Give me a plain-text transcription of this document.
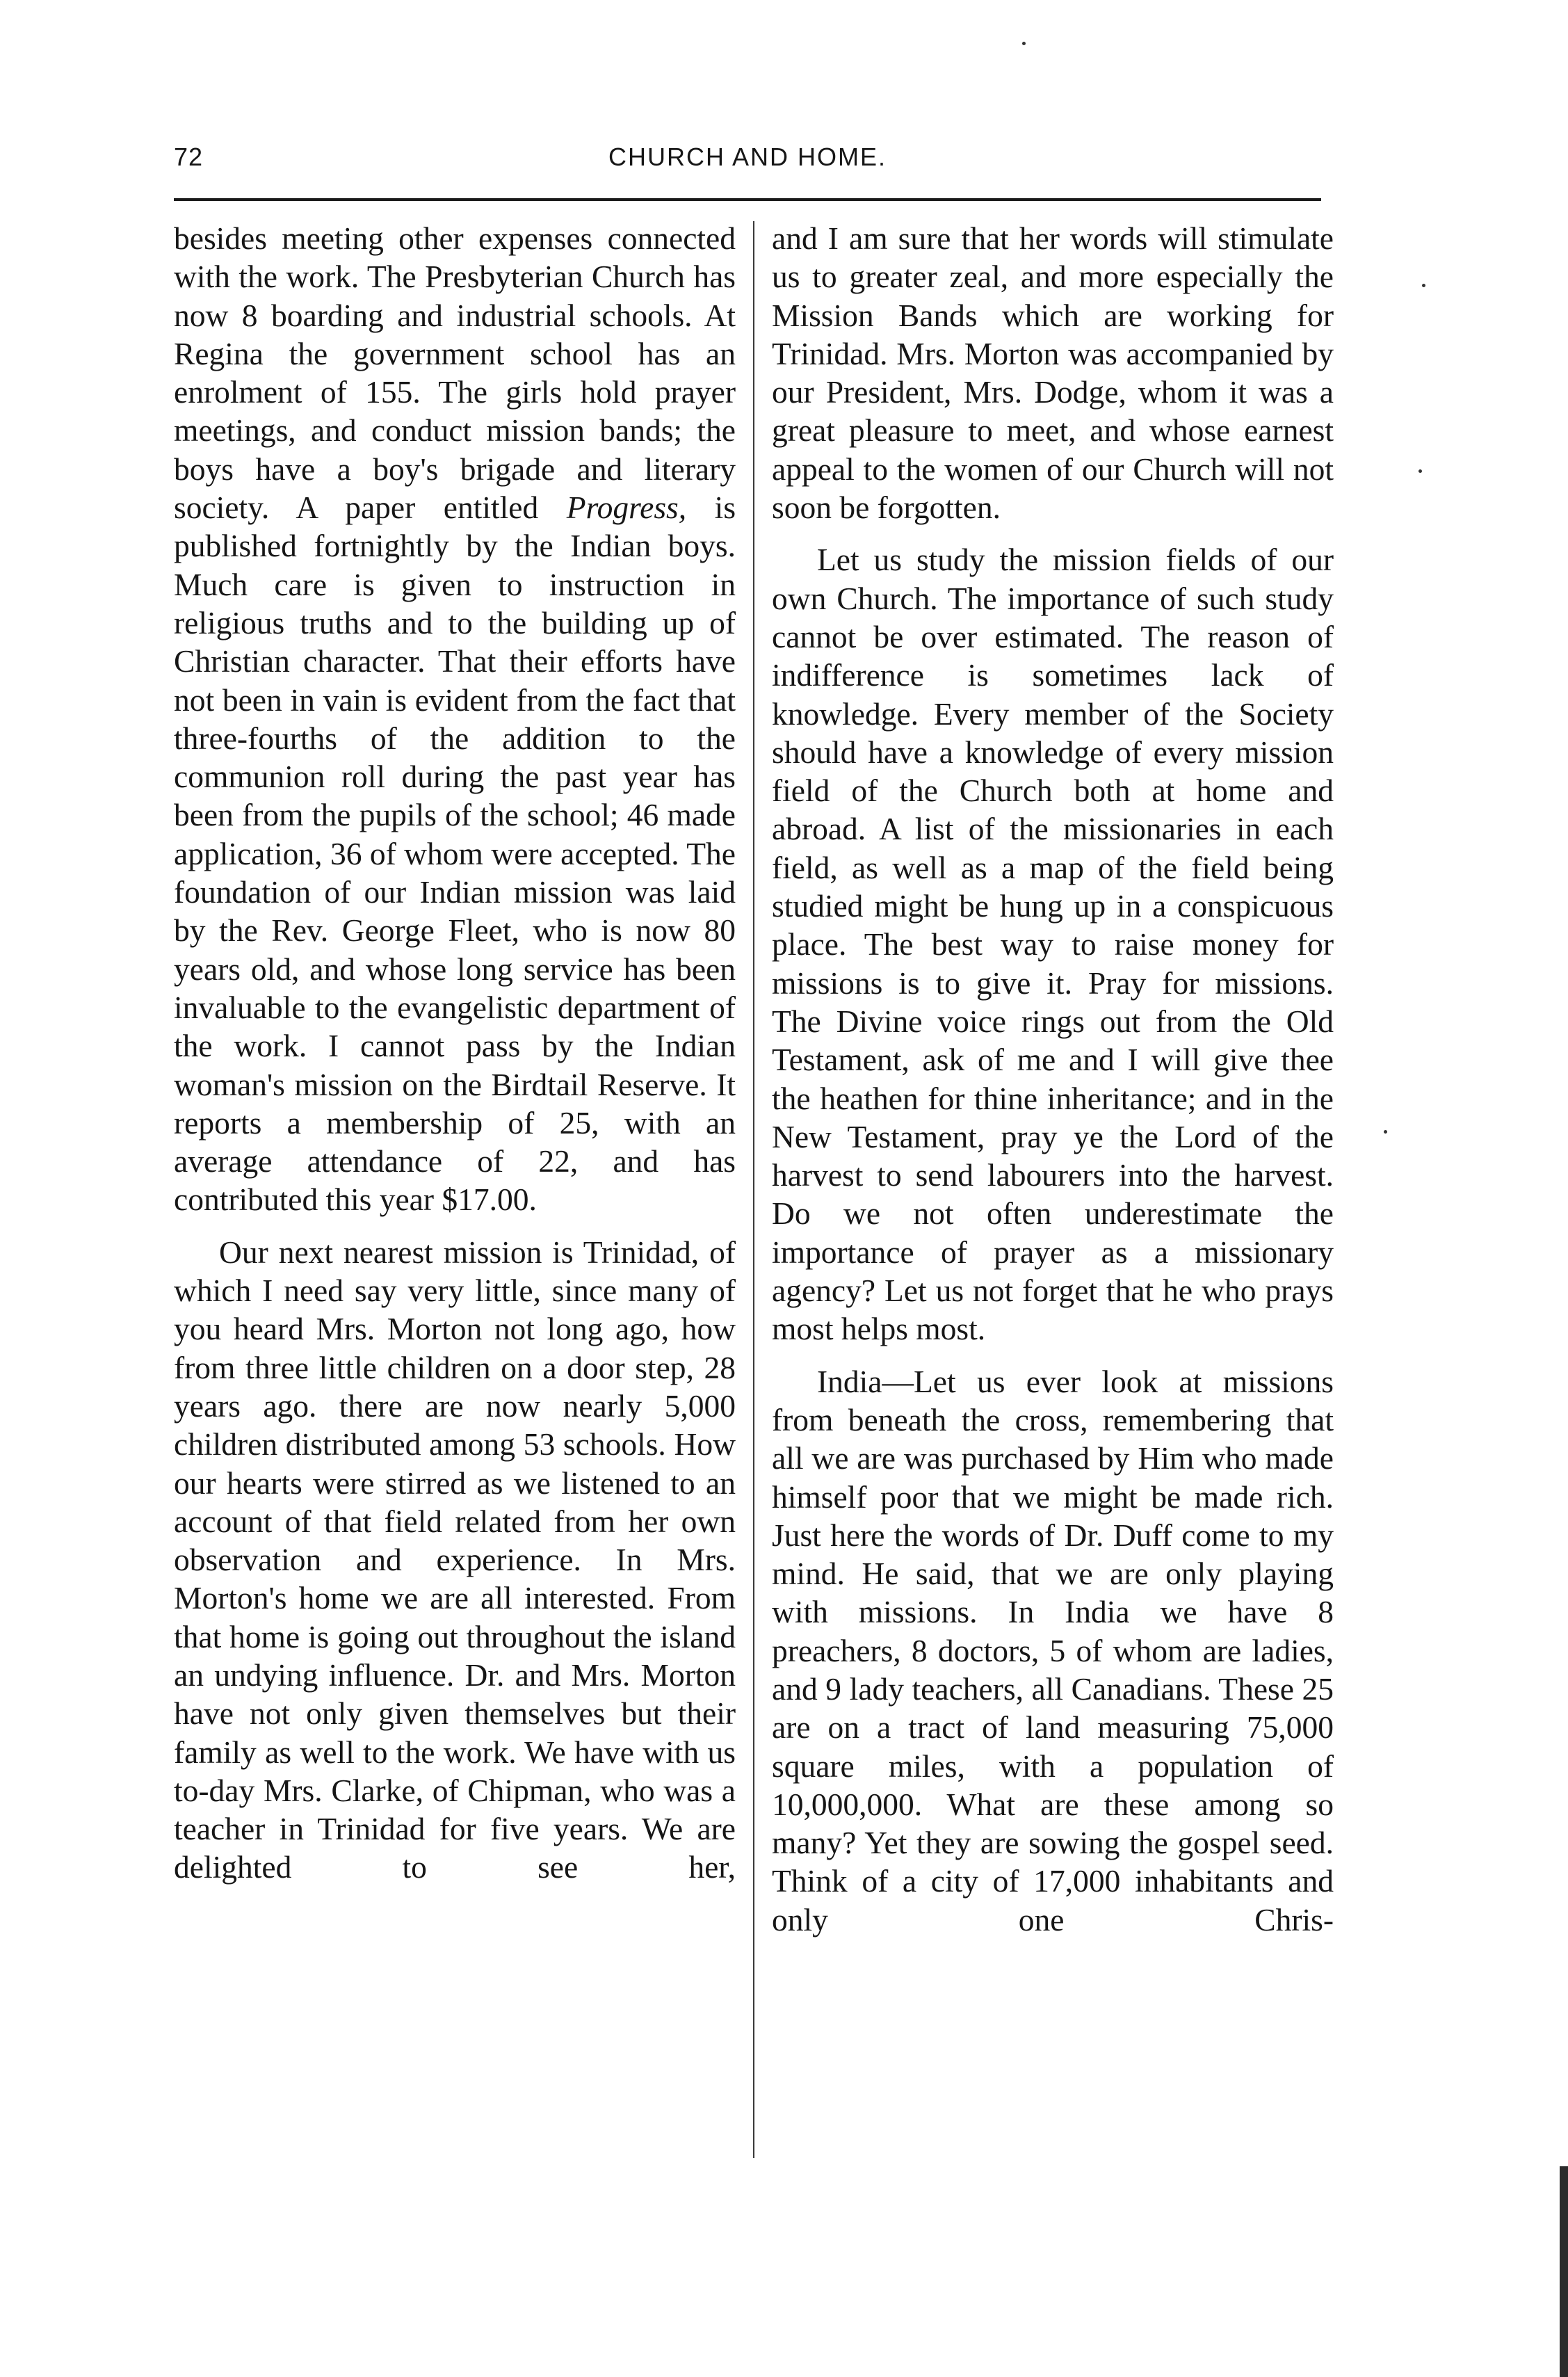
72	CHURCH AND HOME.

besides meeting other expenses connected with the work. The Presbyterian Church has now 8 boarding and industrial schools. At Regina the government school has an enrolment of 155. The girls hold prayer meetings, and conduct mission bands; the boys have a boy's brigade and literary society. A paper entitled Progress, is published fortnightly by the Indian boys. Much care is given to instruction in religious truths and to the building up of Christian character. That their efforts have not been in vain is evident from the fact that three-fourths of the addition to the communion roll during the past year has been from the pupils of the school; 46 made application, 36 of whom were accepted. The foundation of our Indian mission was laid by the Rev. George Fleet, who is now 80 years old, and whose long service has been invaluable to the evangelistic department of the work. I cannot pass by the Indian woman's mission on the Birdtail Reserve. It reports a membership of 25, with an average attendance of 22, and has contributed this year $17.00.

Our next nearest mission is Trinidad, of which I need say very little, since many of you heard Mrs. Morton not long ago, how from three little children on a door step, 28 years ago. there are now nearly 5,000 children distributed among 53 schools. How our hearts were stirred as we listened to an account of that field related from her own observation and experience. In Mrs. Morton's home we are all interested. From that home is going out throughout the island an undying influence. Dr. and Mrs. Morton have not only given themselves but their family as well to the work. We have with us to-day Mrs. Clarke, of Chipman, who was a teacher in Trinidad for five years. We are delighted to see her,

and I am sure that her words will stimulate us to greater zeal, and more especially the Mission Bands which are working for Trinidad. Mrs. Morton was accompanied by our President, Mrs. Dodge, whom it was a great pleasure to meet, and whose earnest appeal to the women of our Church will not soon be forgotten.

Let us study the mission fields of our own Church. The importance of such study cannot be over estimated. The reason of indifference is sometimes lack of knowledge. Every member of the Society should have a knowledge of every mission field of the Church both at home and abroad. A list of the missionaries in each field, as well as a map of the field being studied might be hung up in a conspicuous place. The best way to raise money for missions is to give it. Pray for missions. The Divine voice rings out from the Old Testament, ask of me and I will give thee the heathen for thine inheritance; and in the New Testament, pray ye the Lord of the harvest to send labourers into the harvest. Do we not often underestimate the importance of prayer as a missionary agency? Let us not forget that he who prays most helps most.

India—Let us ever look at missions from beneath the cross, remembering that all we are was purchased by Him who made himself poor that we might be made rich. Just here the words of Dr. Duff come to my mind. He said, that we are only playing with missions. In India we have 8 preachers, 8 doctors, 5 of whom are ladies, and 9 lady teachers, all Canadians. These 25 are on a tract of land measuring 75,000 square miles, with a population of 10,000,000. What are these among so many? Yet they are sowing the gospel seed. Think of a city of 17,000 inhabitants and only one Chris-
